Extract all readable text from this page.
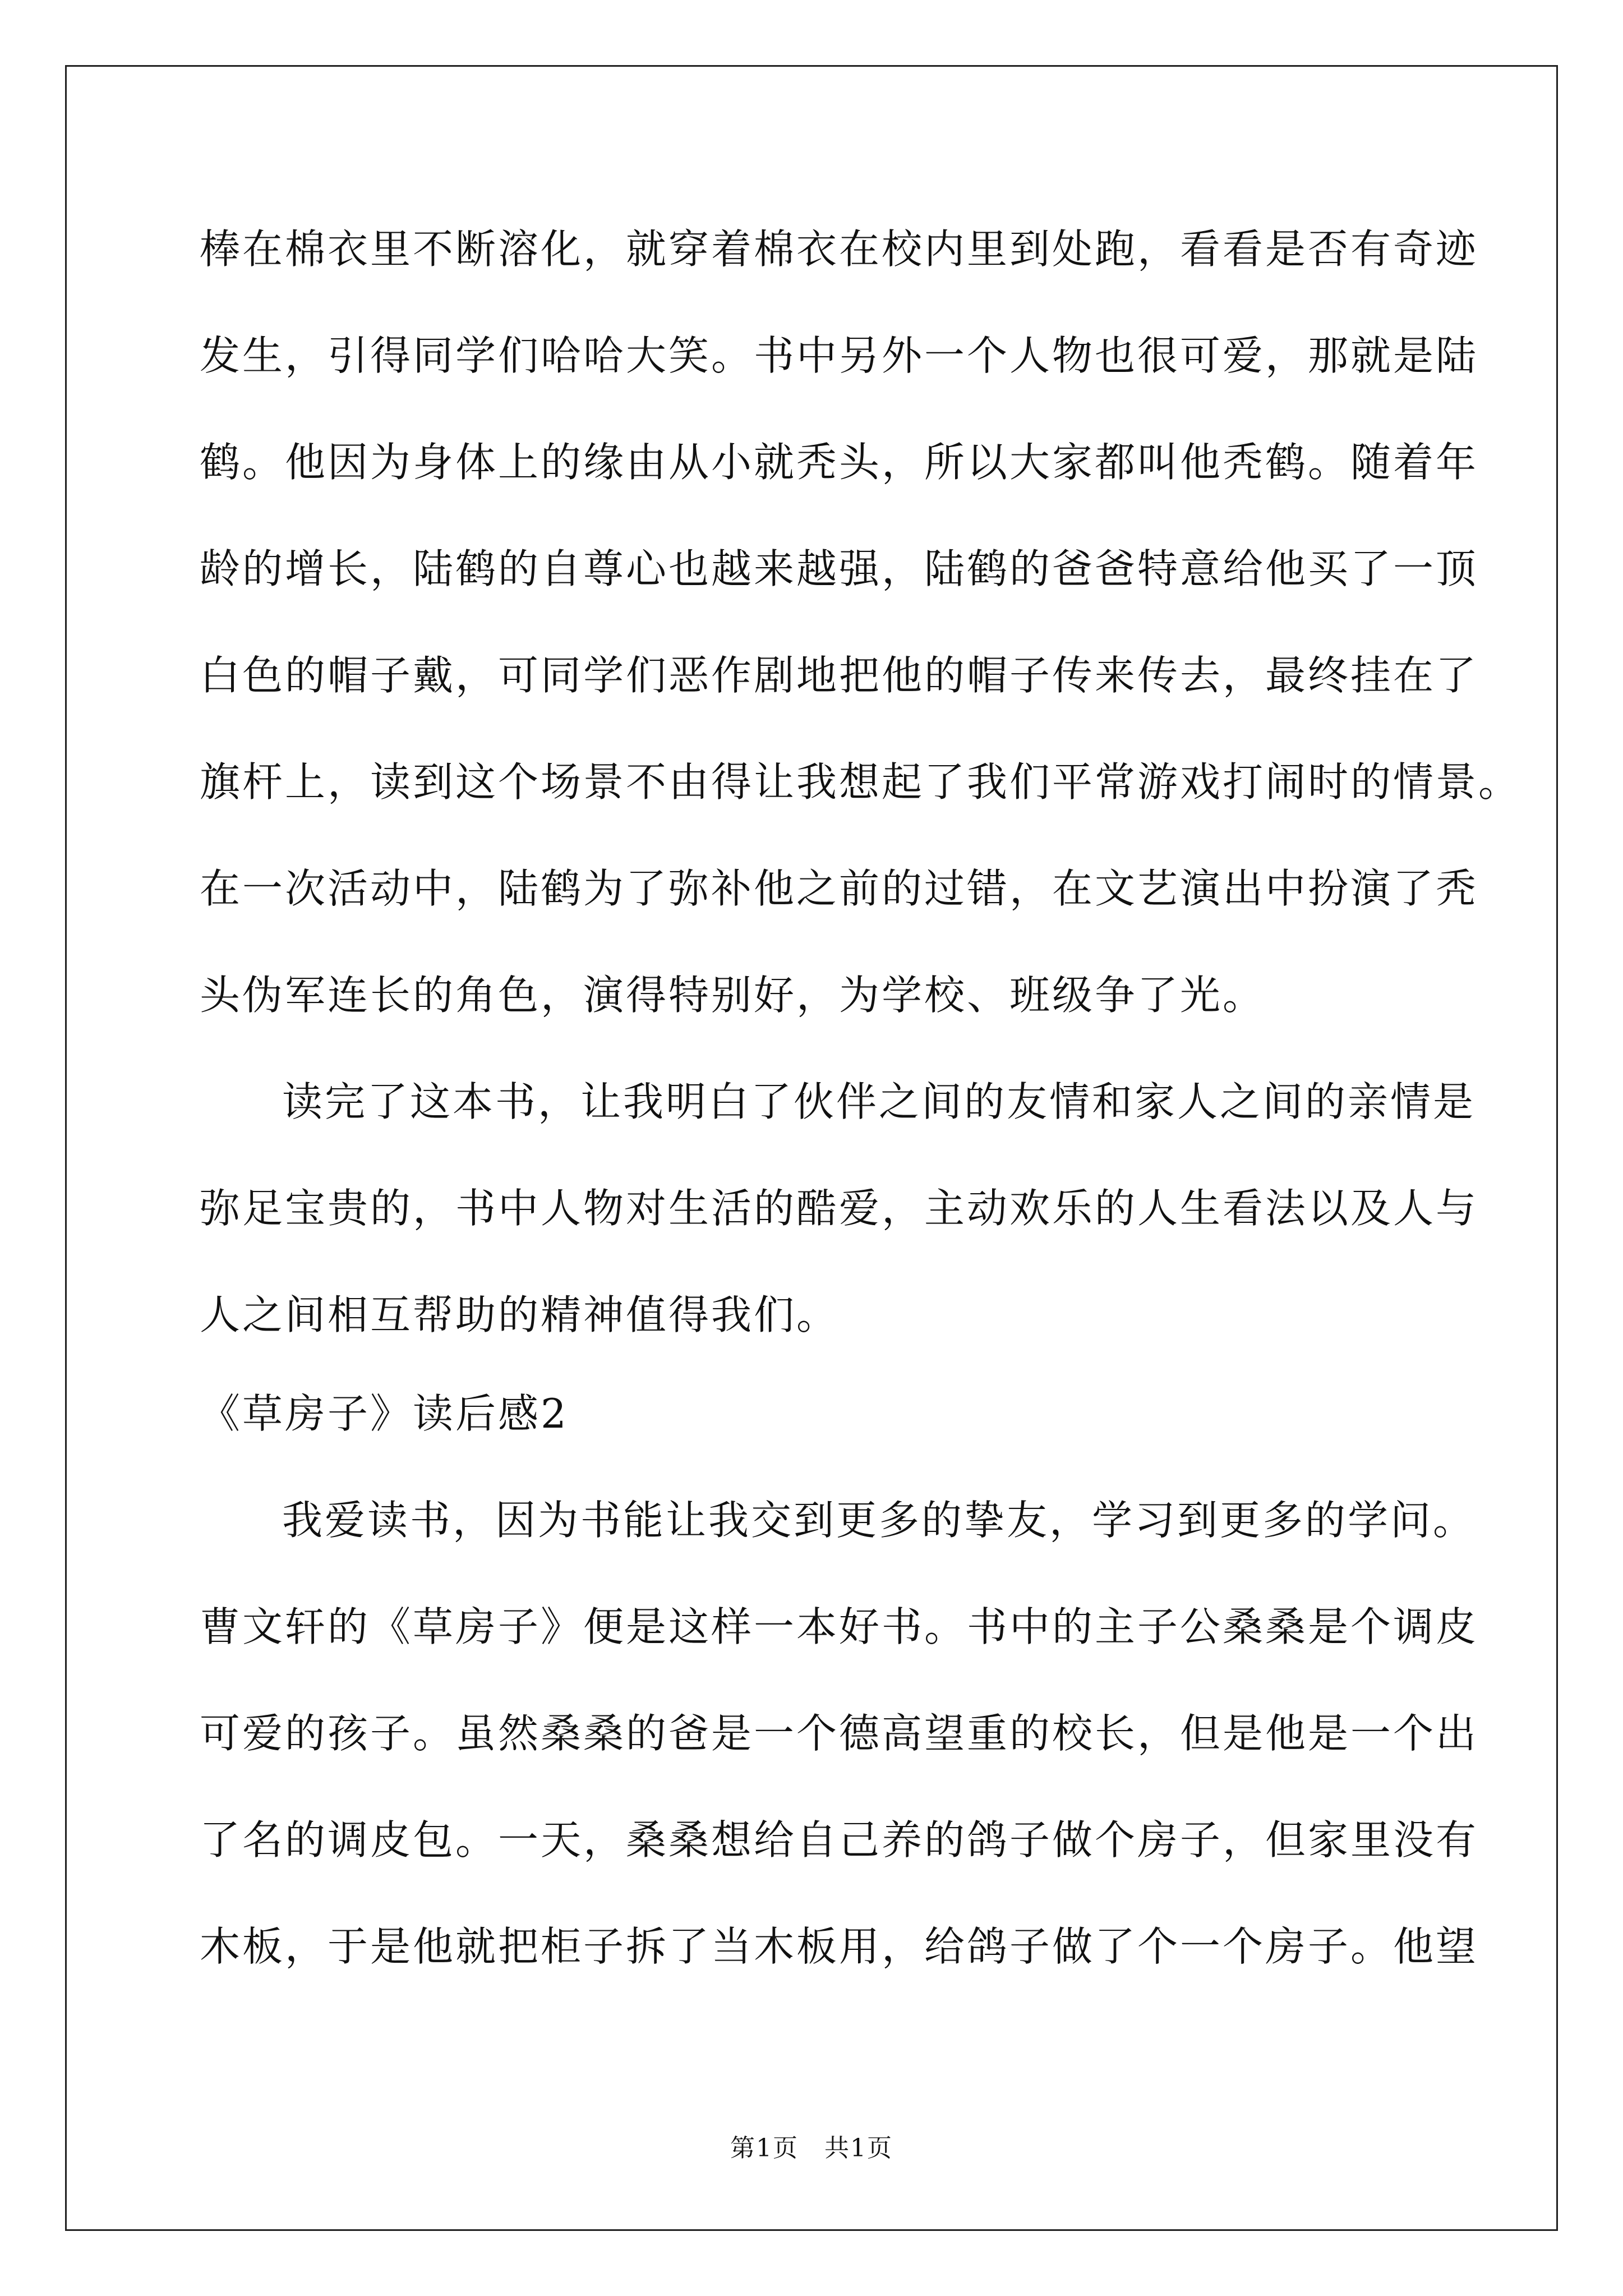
棒在棉衣里不断溶化，就穿着棉衣在校内里到处跑，看看是否有奇迹
发生，引得同学们哈哈大笑。书中另外一个人物也很可爱，那就是陆
鹤。他因为身体上的缘由从小就秃头，所以大家都叫他秃鹤。随着年
龄的增长，陆鹤的自尊心也越来越强，陆鹤的爸爸特意给他买了一顶
白色的帽子戴，可同学们恶作剧地把他的帽子传来传去，最终挂在了
旗杆上，读到这个场景不由得让我想起了我们平常游戏打闹时的情景。
在一次活动中，陆鹤为了弥补他之前的过错，在文艺演出中扮演了秃
头伪军连长的角色，演得特别好，为学校、班级争了光。
读完了这本书，让我明白了伙伴之间的友情和家人之间的亲情是
弥足宝贵的，书中人物对生活的酷爱，主动欢乐的人生看法以及人与
人之间相互帮助的精神值得我们。
《草房子》读后感2
我爱读书，因为书能让我交到更多的挚友，学习到更多的学问。
曹文轩的《草房子》便是这样一本好书。书中的主子公桑桑是个调皮
可爱的孩子。虽然桑桑的爸是一个德高望重的校长，但是他是一个出
了名的调皮包。一天，桑桑想给自己养的鸽子做个房子，但家里没有
木板，于是他就把柜子拆了当木板用，给鸽子做了个一个房子。他望
第1页　共1页
